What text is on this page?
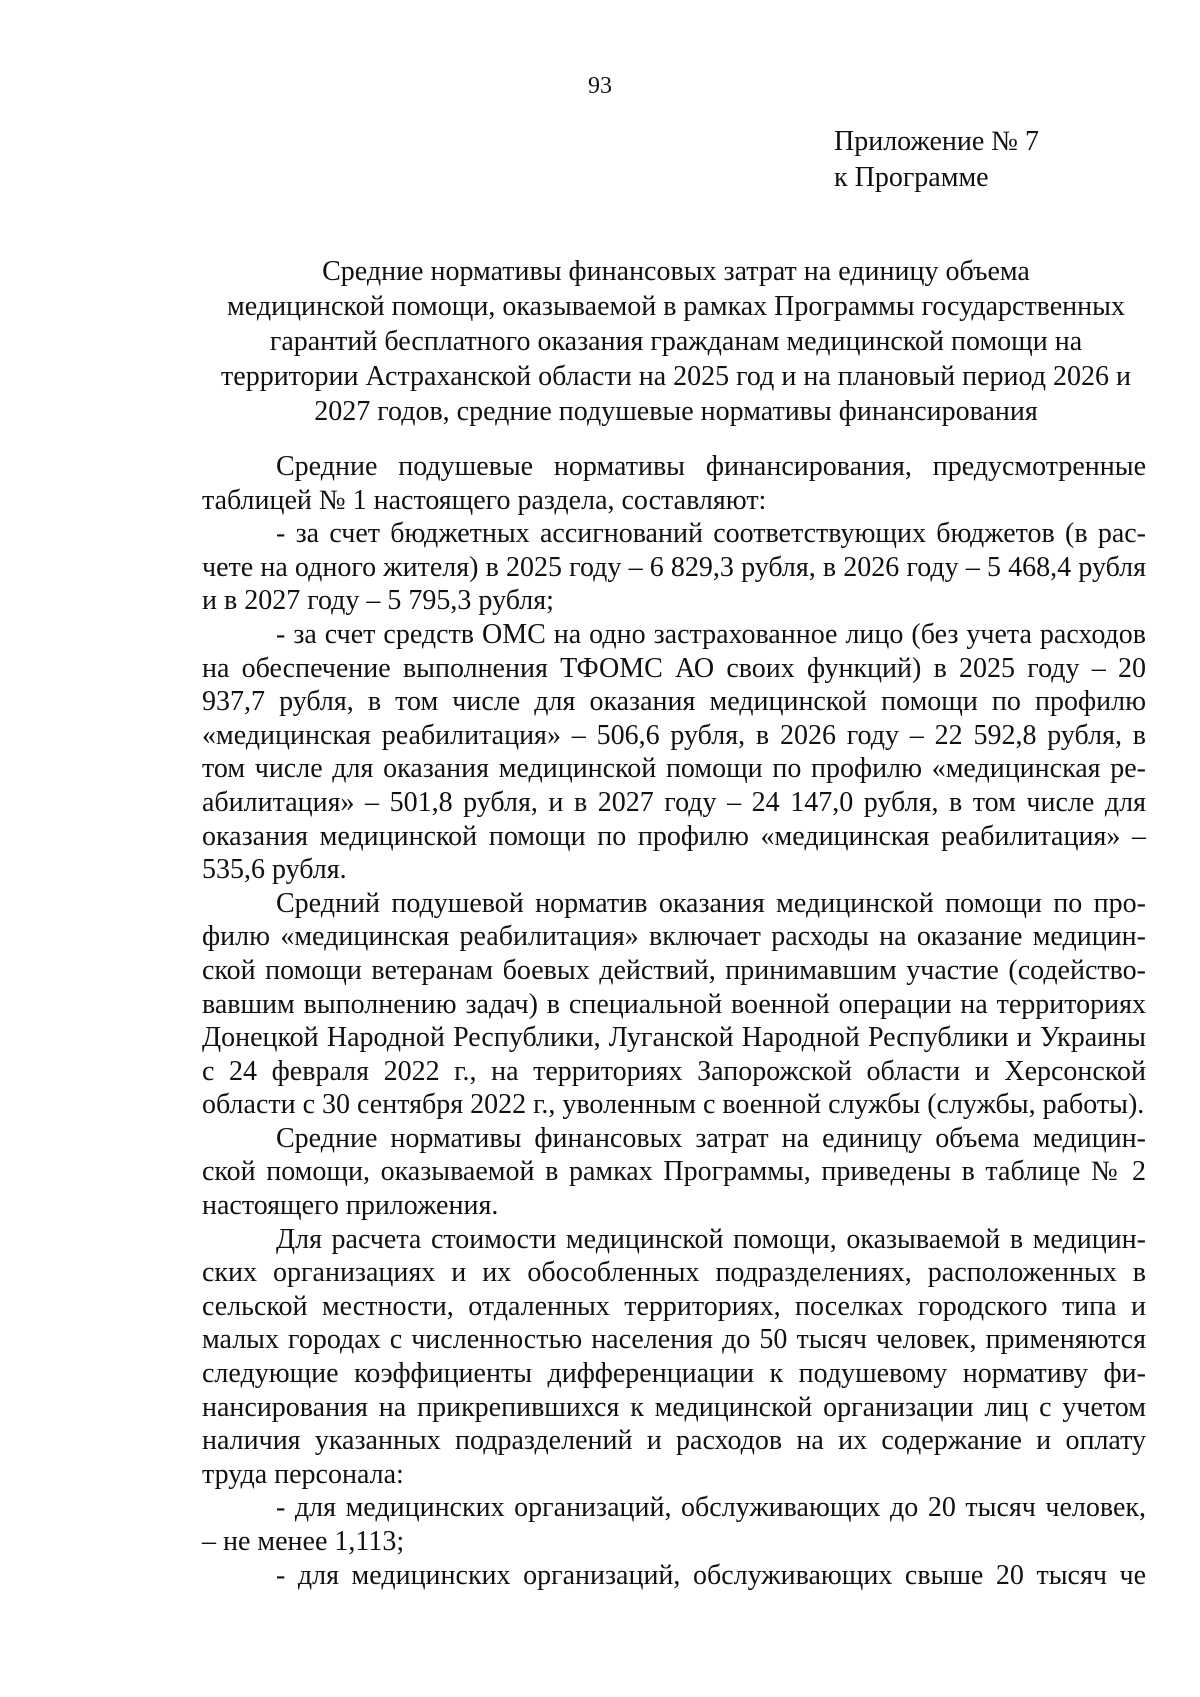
93
Приложение № 7
к Программе
Средние нормативы финансовых затрат на единицу объема
медицинской помощи, оказываемой в рамках Программы государственных
гарантий бесплатного оказания гражданам медицинской помощи на
территории Астраханской области на 2025 год и на плановый период 2026 и
2027 годов, средние подушевые нормативы финансирования

Средние подушевые нормативы финансирования, предусмотренные таблицей № 1 настоящего раздела, составляют:

- за счет бюджетных ассигнований соответствующих бюджетов (в расчете на одного жителя) в 2025 году – 6 829,3 рубля, в 2026 году – 5 468,4 рубля и в 2027 году – 5 795,3 рубля;

- за счет средств ОМС на одно застрахованное лицо (без учета расходов на обеспечение выполнения ТФОМС АО своих функций) в 2025 году – 20 937,7 рубля, в том числе для оказания медицинской помощи по профилю «медицинская реабилитация» – 506,6 рубля, в 2026 году – 22 592,8 рубля, в том числе для оказания медицинской помощи по профилю «медицинская реабилитация» – 501,8 рубля, и в 2027 году – 24 147,0 рубля, в том числе для оказания медицинской помощи по профилю «медицинская реабилитация» – 535,6 рубля.

Средний подушевой норматив оказания медицинской помощи по профилю «медицинская реабилитация» включает расходы на оказание медицинской помощи ветеранам боевых действий, принимавшим участие (содействовавшим выполнению задач) в специальной военной операции на территориях Донецкой Народной Республики, Луганской Народной Республики и Украины с 24 февраля 2022 г., на территориях Запорожской области и Херсонской области с 30 сентября 2022 г., уволенным с военной службы (службы, работы).

Средние нормативы финансовых затрат на единицу объема медицинской помощи, оказываемой в рамках Программы, приведены в таблице № 2 настоящего приложения.

Для расчета стоимости медицинской помощи, оказываемой в медицинских организациях и их обособленных подразделениях, расположенных в сельской местности, отдаленных территориях, поселках городского типа и малых городах с численностью населения до 50 тысяч человек, применяются следующие коэффициенты дифференциации к подушевому нормативу финансирования на прикрепившихся к медицинской организации лиц с учетом наличия указанных подразделений и расходов на их содержание и оплату труда персонала:

- для медицинских организаций, обслуживающих до 20 тысяч человек, – не менее 1,113;

- для медицинских организаций, обслуживающих свыше 20 тысяч че
